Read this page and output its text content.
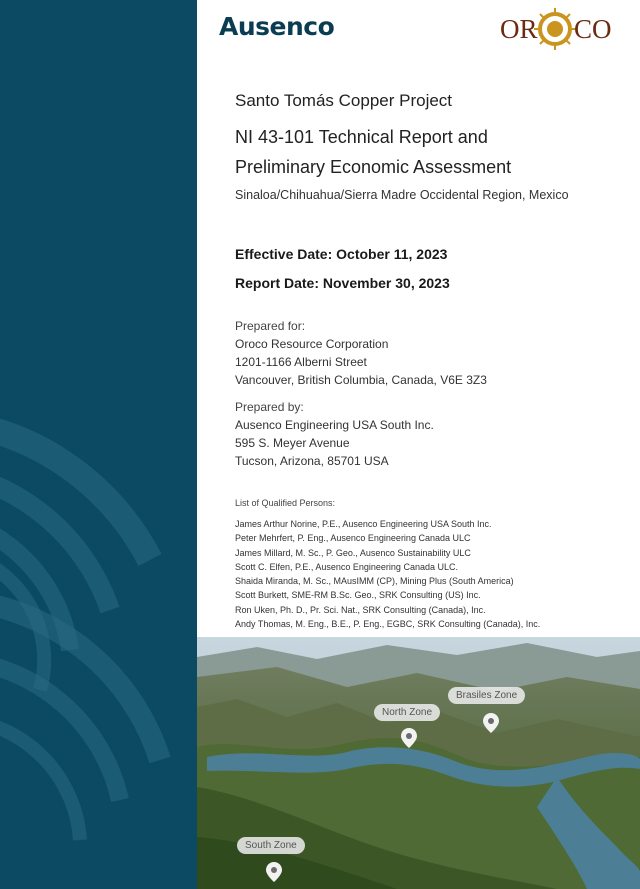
Ausenco	OR CO

Santo Tomás Copper Project

NI 43-101 Technical Report and
Preliminary Economic Assessment

Sinaloa/Chihuahua/Sierra Madre Occidental Region, Mexico
Effective Date: October 11, 2023
Report Date: November 30, 2023
Prepared for:
Oroco Resource Corporation
1201-1166 Alberni Street
Vancouver, British Columbia, Canada, V6E 3Z3
Prepared by:
Ausenco Engineering USA South Inc.
595 S. Meyer Avenue
Tucson, Arizona, 85701 USA
List of Qualified Persons:
James Arthur Norine, P.E., Ausenco Engineering USA South Inc.
Peter Mehrfert, P. Eng., Ausenco Engineering Canada ULC
James Millard, M. Sc., P. Geo., Ausenco Sustainability ULC
Scott C. Elfen, P.E., Ausenco Engineering Canada ULC.
Shaida Miranda, M. Sc., MAusIMM (CP), Mining Plus (South America)
Scott Burkett, SME-RM B.Sc. Geo., SRK Consulting (US) Inc.
Ron Uken, Ph. D., Pr. Sci. Nat., SRK Consulting (Canada), Inc.
Andy Thomas, M. Eng., B.E., P. Eng., EGBC, SRK Consulting (Canada), Inc.
North Zone
Brasiles Zone
South Zone
